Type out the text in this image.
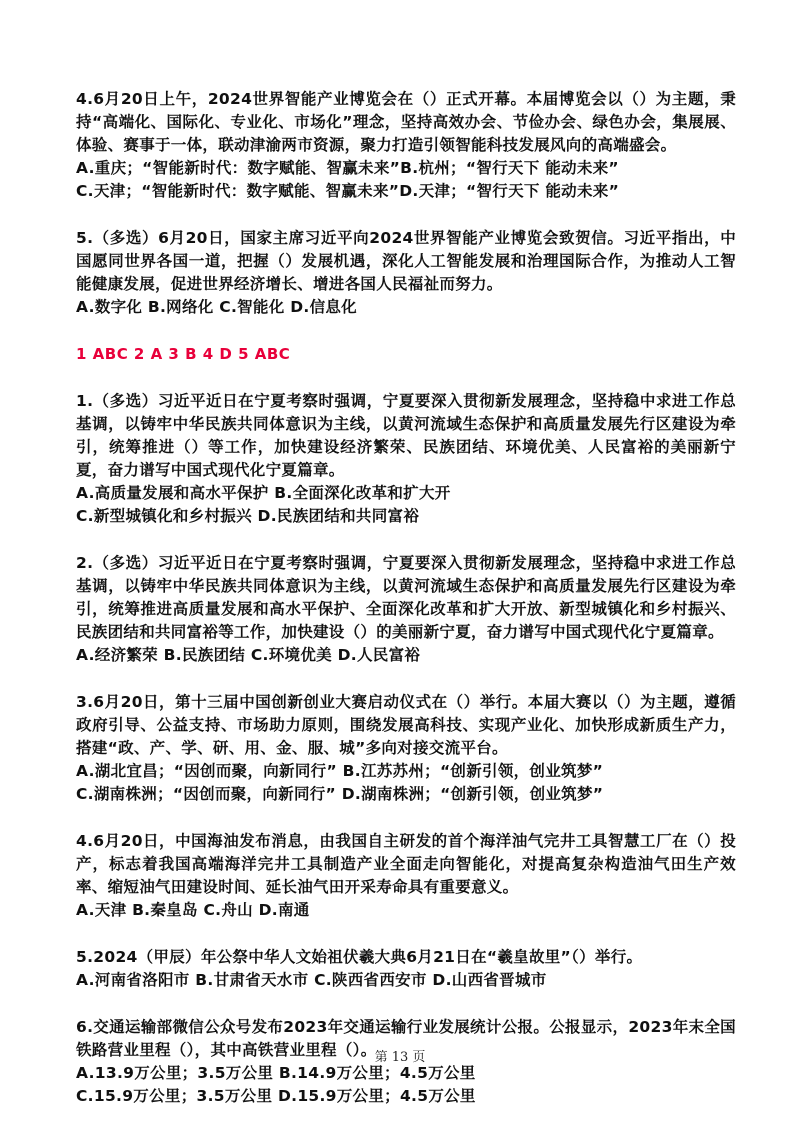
4.6月20日上午，2024世界智能产业博览会在（）正式开幕。本届博览会以（）为主题，秉持“高端化、国际化、专业化、市场化”理念，坚持高效办会、节俭办会、绿色办会，集展展、体验、赛事于一体，联动津渝两市资源，聚力打造引领智能科技发展风向的高端盛会。

A.重庆；“智能新时代：数字赋能、智赢未来”B.杭州；“智行天下 能动未来”

C.天津；“智能新时代：数字赋能、智赢未来”D.天津；“智行天下 能动未来”

5.（多选）6月20日，国家主席习近平向2024世界智能产业博览会致贺信。习近平指出，中国愿同世界各国一道，把握（）发展机遇，深化人工智能发展和治理国际合作，为推动人工智能健康发展，促进世界经济增长、增进各国人民福祉而努力。

A.数字化 B.网络化 C.智能化 D.信息化

1 ABC 2 A 3 B 4 D 5 ABC

1.（多选）习近平近日在宁夏考察时强调，宁夏要深入贯彻新发展理念，坚持稳中求进工作总基调，以铸牢中华民族共同体意识为主线，以黄河流域生态保护和高质量发展先行区建设为牵引，统筹推进（）等工作，加快建设经济繁荣、民族团结、环境优美、人民富裕的美丽新宁夏，奋力谱写中国式现代化宁夏篇章。

A.高质量发展和高水平保护 B.全面深化改革和扩大开

C.新型城镇化和乡村振兴 D.民族团结和共同富裕

2.（多选）习近平近日在宁夏考察时强调，宁夏要深入贯彻新发展理念，坚持稳中求进工作总基调，以铸牢中华民族共同体意识为主线，以黄河流域生态保护和高质量发展先行区建设为牵引，统筹推进高质量发展和高水平保护、全面深化改革和扩大开放、新型城镇化和乡村振兴、民族团结和共同富裕等工作，加快建设（）的美丽新宁夏，奋力谱写中国式现代化宁夏篇章。

A.经济繁荣 B.民族团结 C.环境优美 D.人民富裕

3.6月20日，第十三届中国创新创业大赛启动仪式在（）举行。本届大赛以（）为主题，遵循政府引导、公益支持、市场助力原则，围绕发展高科技、实现产业化、加快形成新质生产力，搭建“政、产、学、研、用、金、服、城”多向对接交流平台。

A.湖北宜昌；“因创而聚，向新同行” B.江苏苏州；“创新引领，创业筑梦”

C.湖南株洲；“因创而聚，向新同行” D.湖南株洲；“创新引领，创业筑梦”

4.6月20日，中国海油发布消息，由我国自主研发的首个海洋油气完井工具智慧工厂在（）投产，标志着我国高端海洋完井工具制造产业全面走向智能化，对提高复杂构造油气田生产效率、缩短油气田建设时间、延长油气田开采寿命具有重要意义。

A.天津 B.秦皇岛 C.舟山 D.南通

5.2024（甲辰）年公祭中华人文始祖伏羲大典6月21日在“羲皇故里”（）举行。

A.河南省洛阳市 B.甘肃省天水市 C.陕西省西安市 D.山西省晋城市

6.交通运输部微信公众号发布2023年交通运输行业发展统计公报。公报显示，2023年末全国铁路营业里程（），其中高铁营业里程（）。

A.13.9万公里；3.5万公里 B.14.9万公里；4.5万公里

C.15.9万公里；3.5万公里 D.15.9万公里；4.5万公里

第 13 页
